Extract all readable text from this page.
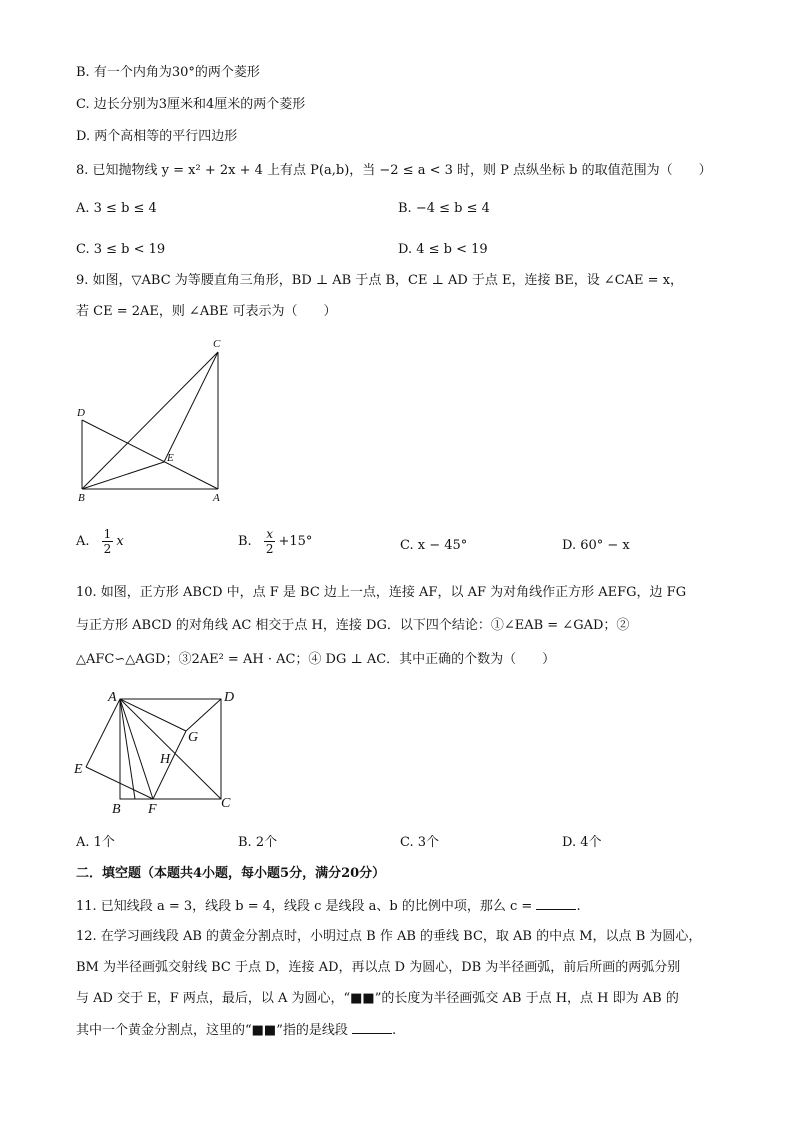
B. 有一个内角为30°的两个菱形
C. 边长分别为3厘米和4厘米的两个菱形
D. 两个高相等的平行四边形
8. 已知抛物线 y = x² + 2x + 4 上有点 P(a,b)，当 −2 ≤ a < 3 时，则 P 点纵坐标 b 的取值范围为（　　）
A. 3 ≤ b ≤ 4	B. −4 ≤ b ≤ 4
C. 3 ≤ b < 19	D. 4 ≤ b < 19
9. 如图，▽ABC 为等腰直角三角形，BD ⊥ AB 于点 B，CE ⊥ AD 于点 E，连接 BE，设 ∠CAE = x，
若 CE = 2AE，则 ∠ABE 可表示为（　　）
C
D
E
B	A
A. $\frac{1}{2}$ x	B. $\frac{x}{2} +15^\circ$	C. x − 45°	D. 60° − x
10. 如图，正方形 ABCD 中，点 F 是 BC 边上一点，连接 AF，以 AF 为对角线作正方形 AEFG，边 FG
与正方形 ABCD 的对角线 AC 相交于点 H，连接 DG．以下四个结论：①∠EAB = ∠GAD；②
△AFC∽△AGD；③2AE² = AH · AC；④ DG ⊥ AC．其中正确的个数为（　　）
A	D
G
H
E
B F	C
A. 1个	B. 2个	C. 3个	D. 4个
二．填空题（本题共4小题，每小题5分，满分20分）
11. 已知线段 a = 3，线段 b = 4，线段 c 是线段 a、b 的比例中项，那么 c =	.
12. 在学习画线段 AB 的黄金分割点时，小明过点 B 作 AB 的垂线 BC，取 AB 的中点 M，以点 B 为圆心，
BM 为半径画弧交射线 BC 于点 D，连接 AD，再以点 D 为圆心，DB 为半径画弧，前后所画的两弧分别
与 AD 交于 E，F 两点，最后，以 A 为圆心，“■■”的长度为半径画弧交 AB 于点 H，点 H 即为 AB 的
其中一个黄金分割点，这里的“■■”指的是线段	.
